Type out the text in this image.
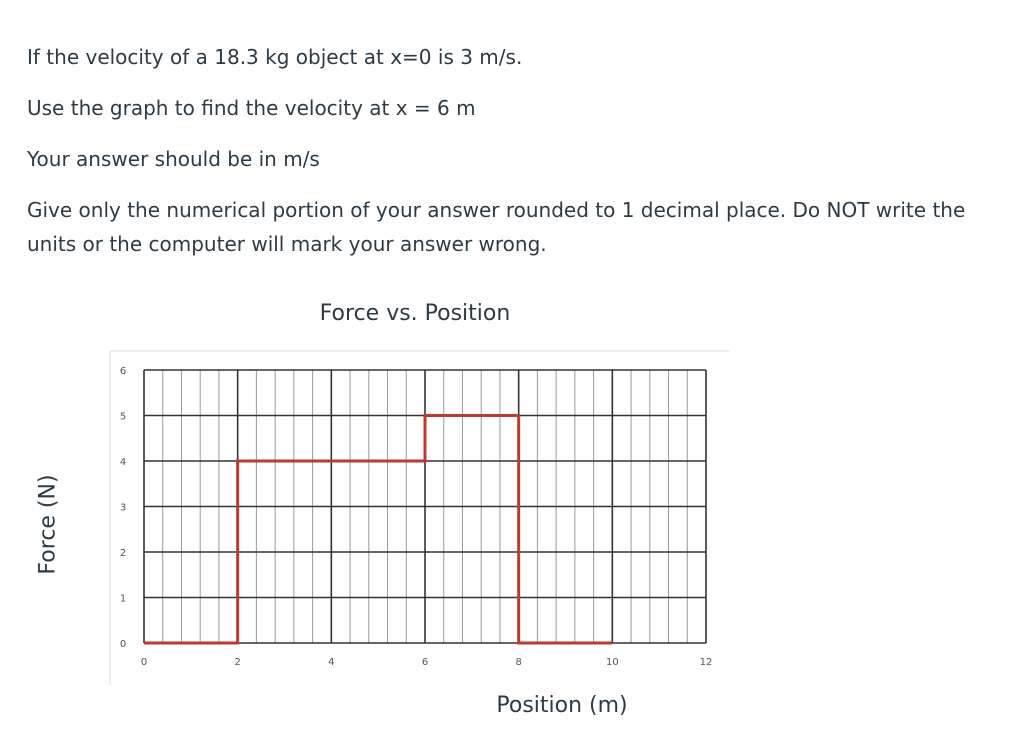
If the velocity of a 18.3 kg object at x=0 is 3 m/s.

Use the graph to find the velocity at x = 6 m

Your answer should be in m/s

Give only the numerical portion of your answer rounded to 1 decimal place. Do NOT write the units or the computer will mark your answer wrong.

Force vs. Position
Force (N)
Position (m)
0	2	4	6	8	10	12
0
1
2
3
4
5
6
